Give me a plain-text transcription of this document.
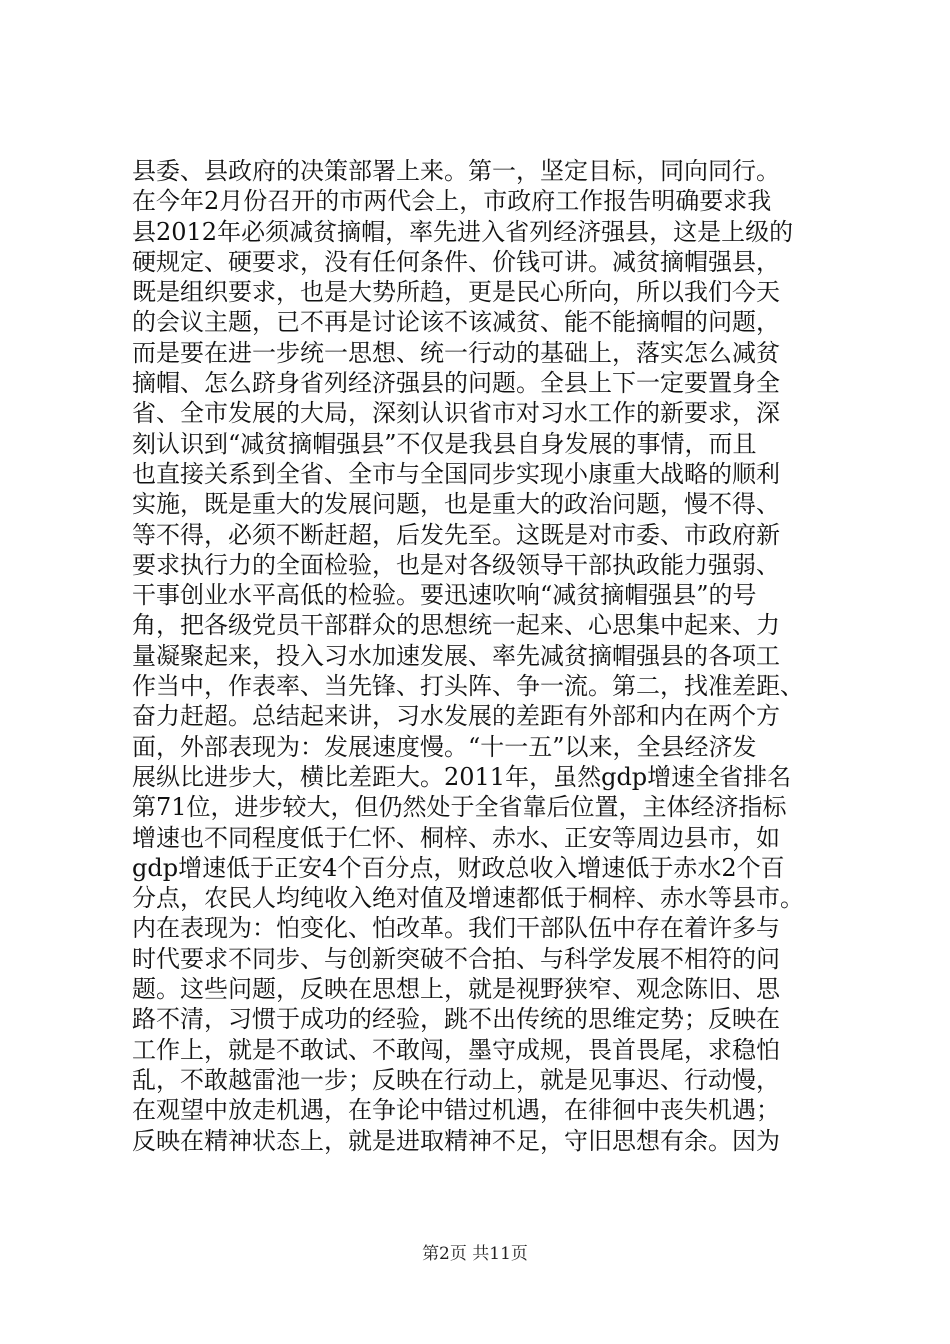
县委、县政府的决策部署上来。第一，坚定目标，同向同行。
在今年2月份召开的市两代会上，市政府工作报告明确要求我
县2012年必须减贫摘帽，率先进入省列经济强县，这是上级的
硬规定、硬要求，没有任何条件、价钱可讲。减贫摘帽强县，
既是组织要求，也是大势所趋，更是民心所向，所以我们今天
的会议主题，已不再是讨论该不该减贫、能不能摘帽的问题，
而是要在进一步统一思想、统一行动的基础上，落实怎么减贫
摘帽、怎么跻身省列经济强县的问题。全县上下一定要置身全
省、全市发展的大局，深刻认识省市对习水工作的新要求，深
刻认识到“减贫摘帽强县”不仅是我县自身发展的事情，而且
也直接关系到全省、全市与全国同步实现小康重大战略的顺利
实施，既是重大的发展问题，也是重大的政治问题，慢不得、
等不得，必须不断赶超，后发先至。这既是对市委、市政府新
要求执行力的全面检验，也是对各级领导干部执政能力强弱、
干事创业水平高低的检验。要迅速吹响“减贫摘帽强县”的号
角，把各级党员干部群众的思想统一起来、心思集中起来、力
量凝聚起来，投入习水加速发展、率先减贫摘帽强县的各项工
作当中，作表率、当先锋、打头阵、争一流。第二，找准差距、
奋力赶超。总结起来讲，习水发展的差距有外部和内在两个方
面，外部表现为：发展速度慢。“十一五”以来，全县经济发
展纵比进步大，横比差距大。2011年，虽然gdp增速全省排名
第71位，进步较大，但仍然处于全省靠后位置，主体经济指标
增速也不同程度低于仁怀、桐梓、赤水、正安等周边县市，如
gdp增速低于正安4个百分点，财政总收入增速低于赤水2个百
分点，农民人均纯收入绝对值及增速都低于桐梓、赤水等县市。
内在表现为：怕变化、怕改革。我们干部队伍中存在着许多与
时代要求不同步、与创新突破不合拍、与科学发展不相符的问
题。这些问题，反映在思想上，就是视野狭窄、观念陈旧、思
路不清，习惯于成功的经验，跳不出传统的思维定势；反映在
工作上，就是不敢试、不敢闯，墨守成规，畏首畏尾，求稳怕
乱，不敢越雷池一步；反映在行动上，就是见事迟、行动慢，
在观望中放走机遇，在争论中错过机遇，在徘徊中丧失机遇；
反映在精神状态上，就是进取精神不足，守旧思想有余。因为
第2页 共11页
